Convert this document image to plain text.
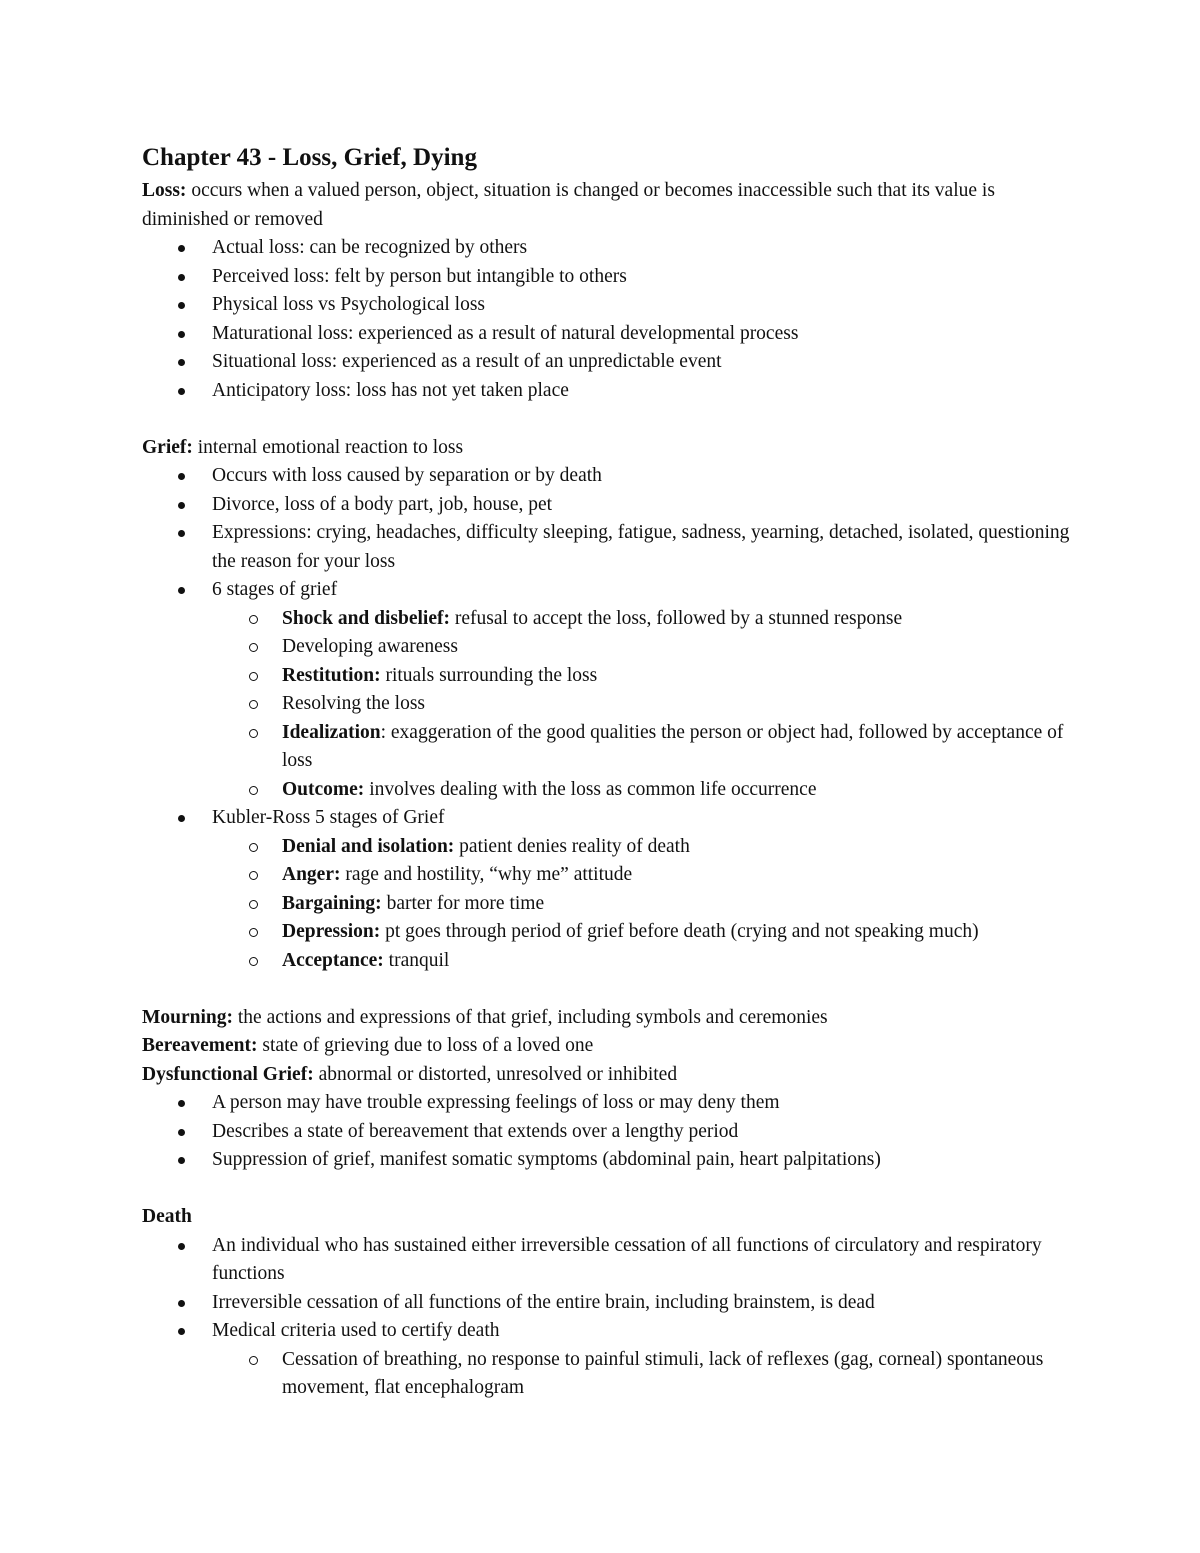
Chapter 43 - Loss, Grief, Dying

Loss: occurs when a valued person, object, situation is changed or becomes inaccessible such that its value is diminished or removed

Actual loss: can be recognized by others
Perceived loss: felt by person but intangible to others
Physical loss vs Psychological loss
Maturational loss: experienced as a result of natural developmental process
Situational loss: experienced as a result of an unpredictable event
Anticipatory loss: loss has not yet taken place

Grief: internal emotional reaction to loss

Occurs with loss caused by separation or by death
Divorce, loss of a body part, job, house, pet
Expressions: crying, headaches, difficulty sleeping, fatigue, sadness, yearning, detached, isolated, questioning the reason for your loss
6 stages of grief
Shock and disbelief: refusal to accept the loss, followed by a stunned response
Developing awareness
Restitution: rituals surrounding the loss
Resolving the loss
Idealization: exaggeration of the good qualities the person or object had, followed by acceptance of loss
Outcome: involves dealing with the loss as common life occurrence
Kubler-Ross 5 stages of Grief
Denial and isolation: patient denies reality of death
Anger: rage and hostility, “why me” attitude
Bargaining: barter for more time
Depression: pt goes through period of grief before death (crying and not speaking much)
Acceptance: tranquil

Mourning: the actions and expressions of that grief, including symbols and ceremonies

Bereavement: state of grieving due to loss of a loved one

Dysfunctional Grief: abnormal or distorted, unresolved or inhibited

A person may have trouble expressing feelings of loss or may deny them
Describes a state of bereavement that extends over a lengthy period
Suppression of grief, manifest somatic symptoms (abdominal pain, heart palpitations)

Death

An individual who has sustained either irreversible cessation of all functions of circulatory and respiratory functions
Irreversible cessation of all functions of the entire brain, including brainstem, is dead
Medical criteria used to certify death
Cessation of breathing, no response to painful stimuli, lack of reflexes (gag, corneal) spontaneous movement, flat encephalogram
